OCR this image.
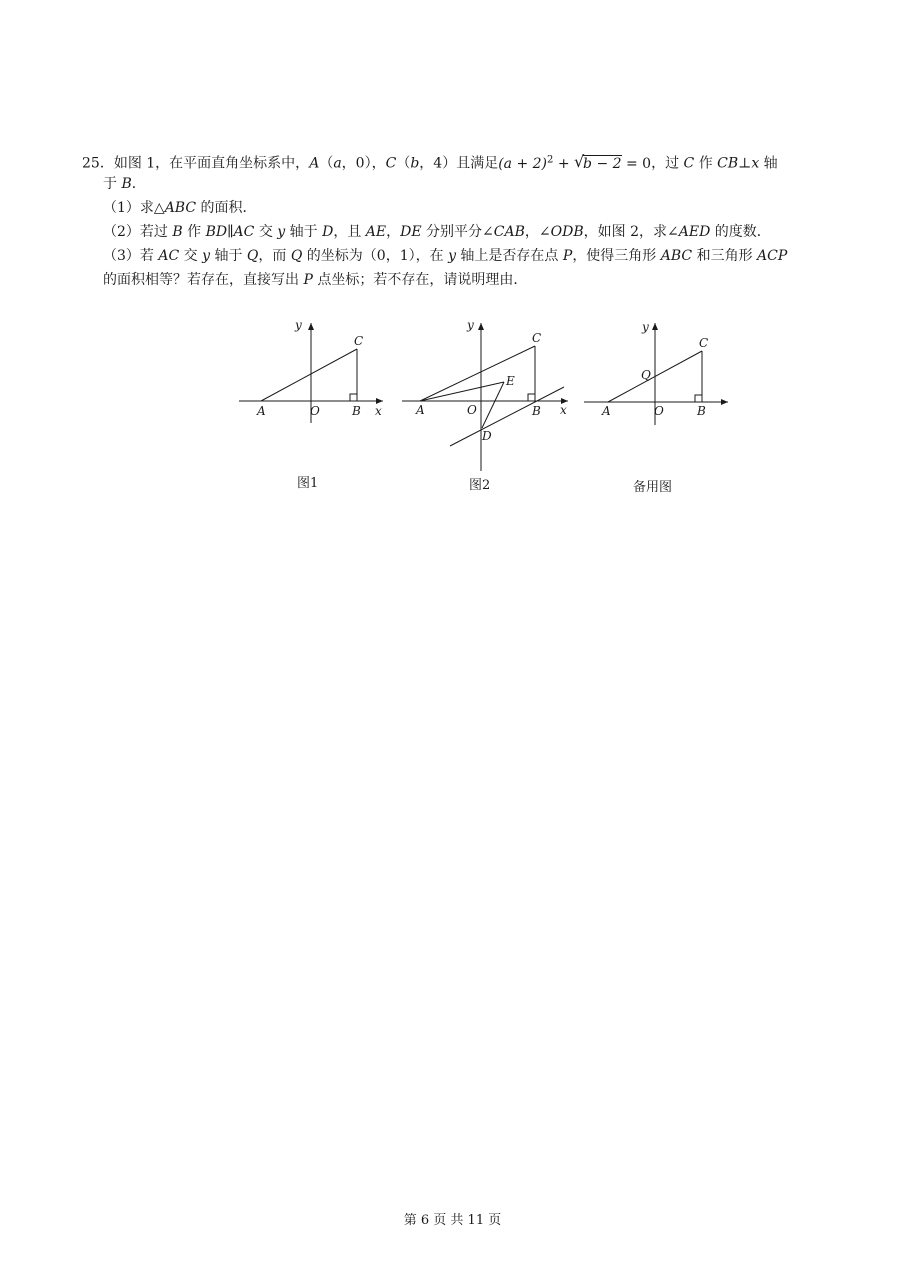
25．如图 1，在平面直角坐标系中，A（a，0），C（b，4）且满足$(a + 2)^2$ + √
b − 2 = 0，过 C 作 CB⊥x 轴
于 B．
（1）求△ABC 的面积．
（2）若过 B 作 BD∥AC 交 y 轴于 D，且 AE，DE 分别平分∠CAB，∠ODB，如图 2，求∠AED 的度数．
（3）若 AC 交 y 轴于 Q，而 Q 的坐标为（0，1），在 y 轴上是否存在点 P，使得三角形 ABC 和三角形 ACP
的面积相等？若存在，直接写出 P 点坐标；若不存在，请说明理由．
y
C
A	O	B x
图1
y
C
E
A	O	B x
D
图2
y
C
Q
A	O	B
备用图
第 6 页 共 11 页
